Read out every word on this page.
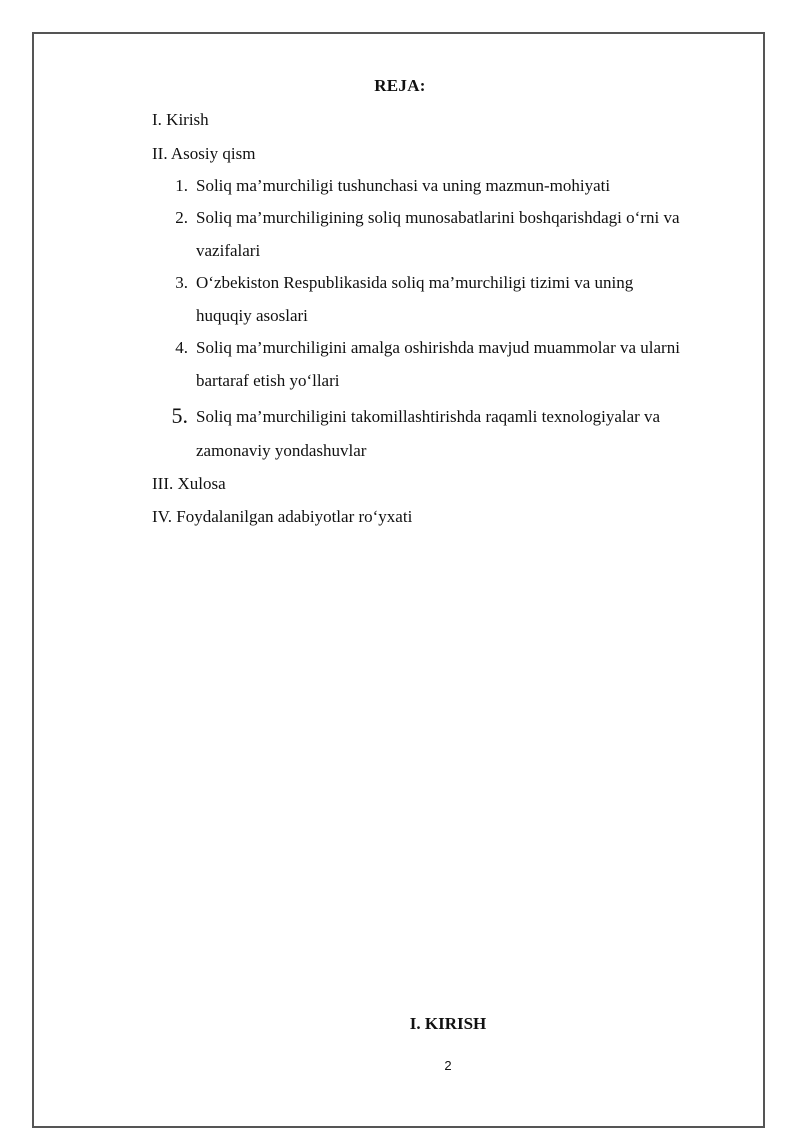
REJA:
I. Kirish
II. Asosiy qism
1. Soliq ma’murchiligi tushunchasi va uning mazmun-mohiyati
2. Soliq ma’murchiligining soliq munosabatlarini boshqarishdagi o‘rni va
vazifalari
3. O‘zbekiston Respublikasida soliq ma’murchiligi tizimi va uning
huquqiy asoslari
4. Soliq ma’murchiligini amalga oshirishda mavjud muammolar va ularni
bartaraf etish yo‘llari
5. Soliq ma’murchiligini takomillashtirishda raqamli texnologiyalar va
zamonaviy yondashuvlar
III. Xulosa
IV. Foydalanilgan adabiyotlar ro‘yxati
I. KIRISH
2
